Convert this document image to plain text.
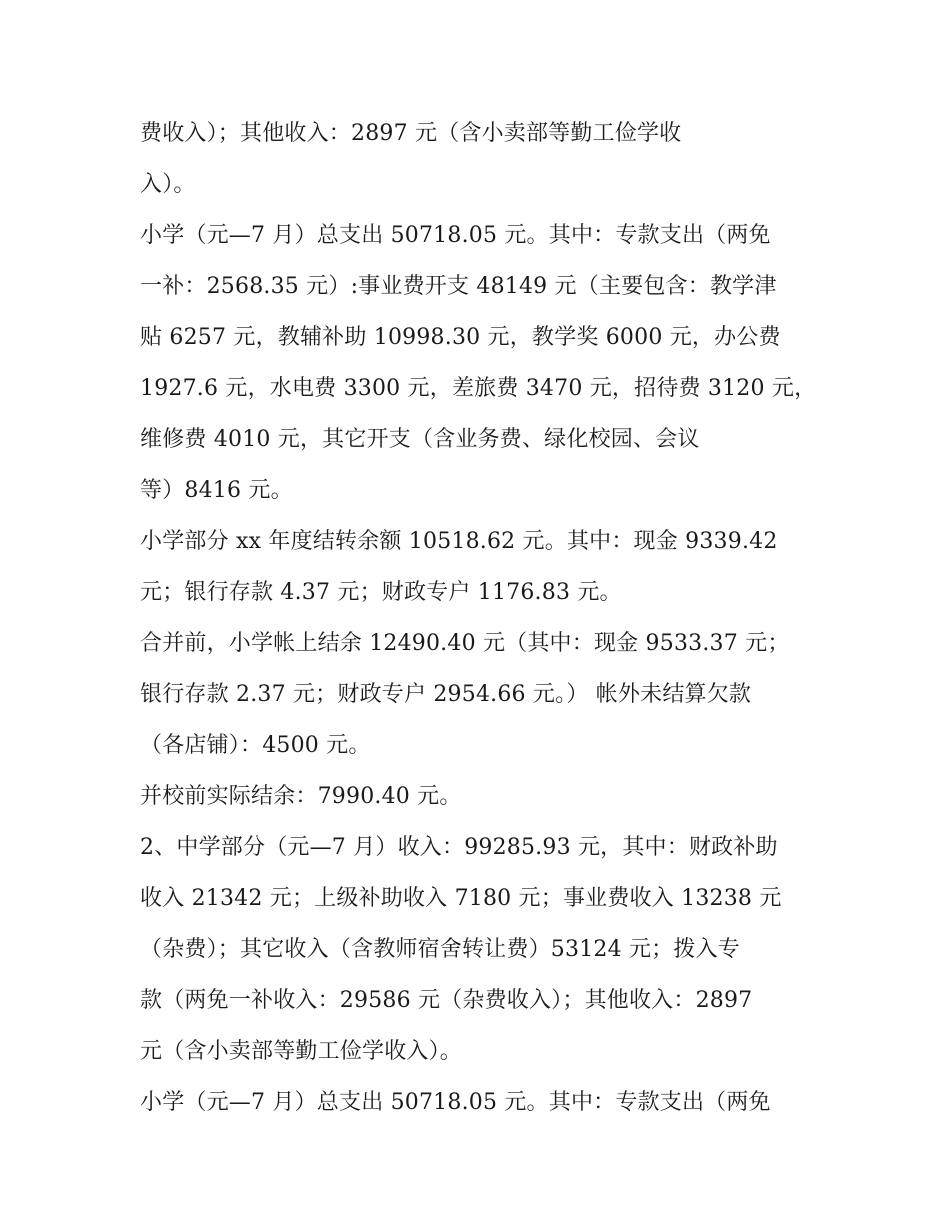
费收入）；其他收入：2897 元（含小卖部等勤工俭学收
入）。
小学（元—7 月）总支出 50718.05 元。其中：专款支出（两免
一补：2568.35 元）:事业费开支 48149 元（主要包含：教学津
贴 6257 元，教辅补助 10998.30 元，教学奖 6000 元，办公费
1927.6 元，水电费 3300 元，差旅费 3470 元，招待费 3120 元，
维修费 4010 元，其它开支（含业务费、绿化校园、会议
等）8416 元。
小学部分 xx 年度结转余额 10518.62 元。其中：现金 9339.42
元；银行存款 4.37 元；财政专户 1176.83 元。
合并前，小学帐上结余 12490.40 元（其中：现金 9533.37 元；
银行存款 2.37 元；财政专户 2954.66 元。） 帐外未结算欠款
（各店铺）：4500 元。
并校前实际结余：7990.40 元。
2、中学部分（元—7 月）收入：99285.93 元，其中：财政补助
收入 21342 元；上级补助收入 7180 元；事业费收入 13238 元
（杂费）；其它收入（含教师宿舍转让费）53124 元；拨入专
款（两免一补收入：29586 元（杂费收入）；其他收入：2897
元（含小卖部等勤工俭学收入）。
小学（元—7 月）总支出 50718.05 元。其中：专款支出（两免
